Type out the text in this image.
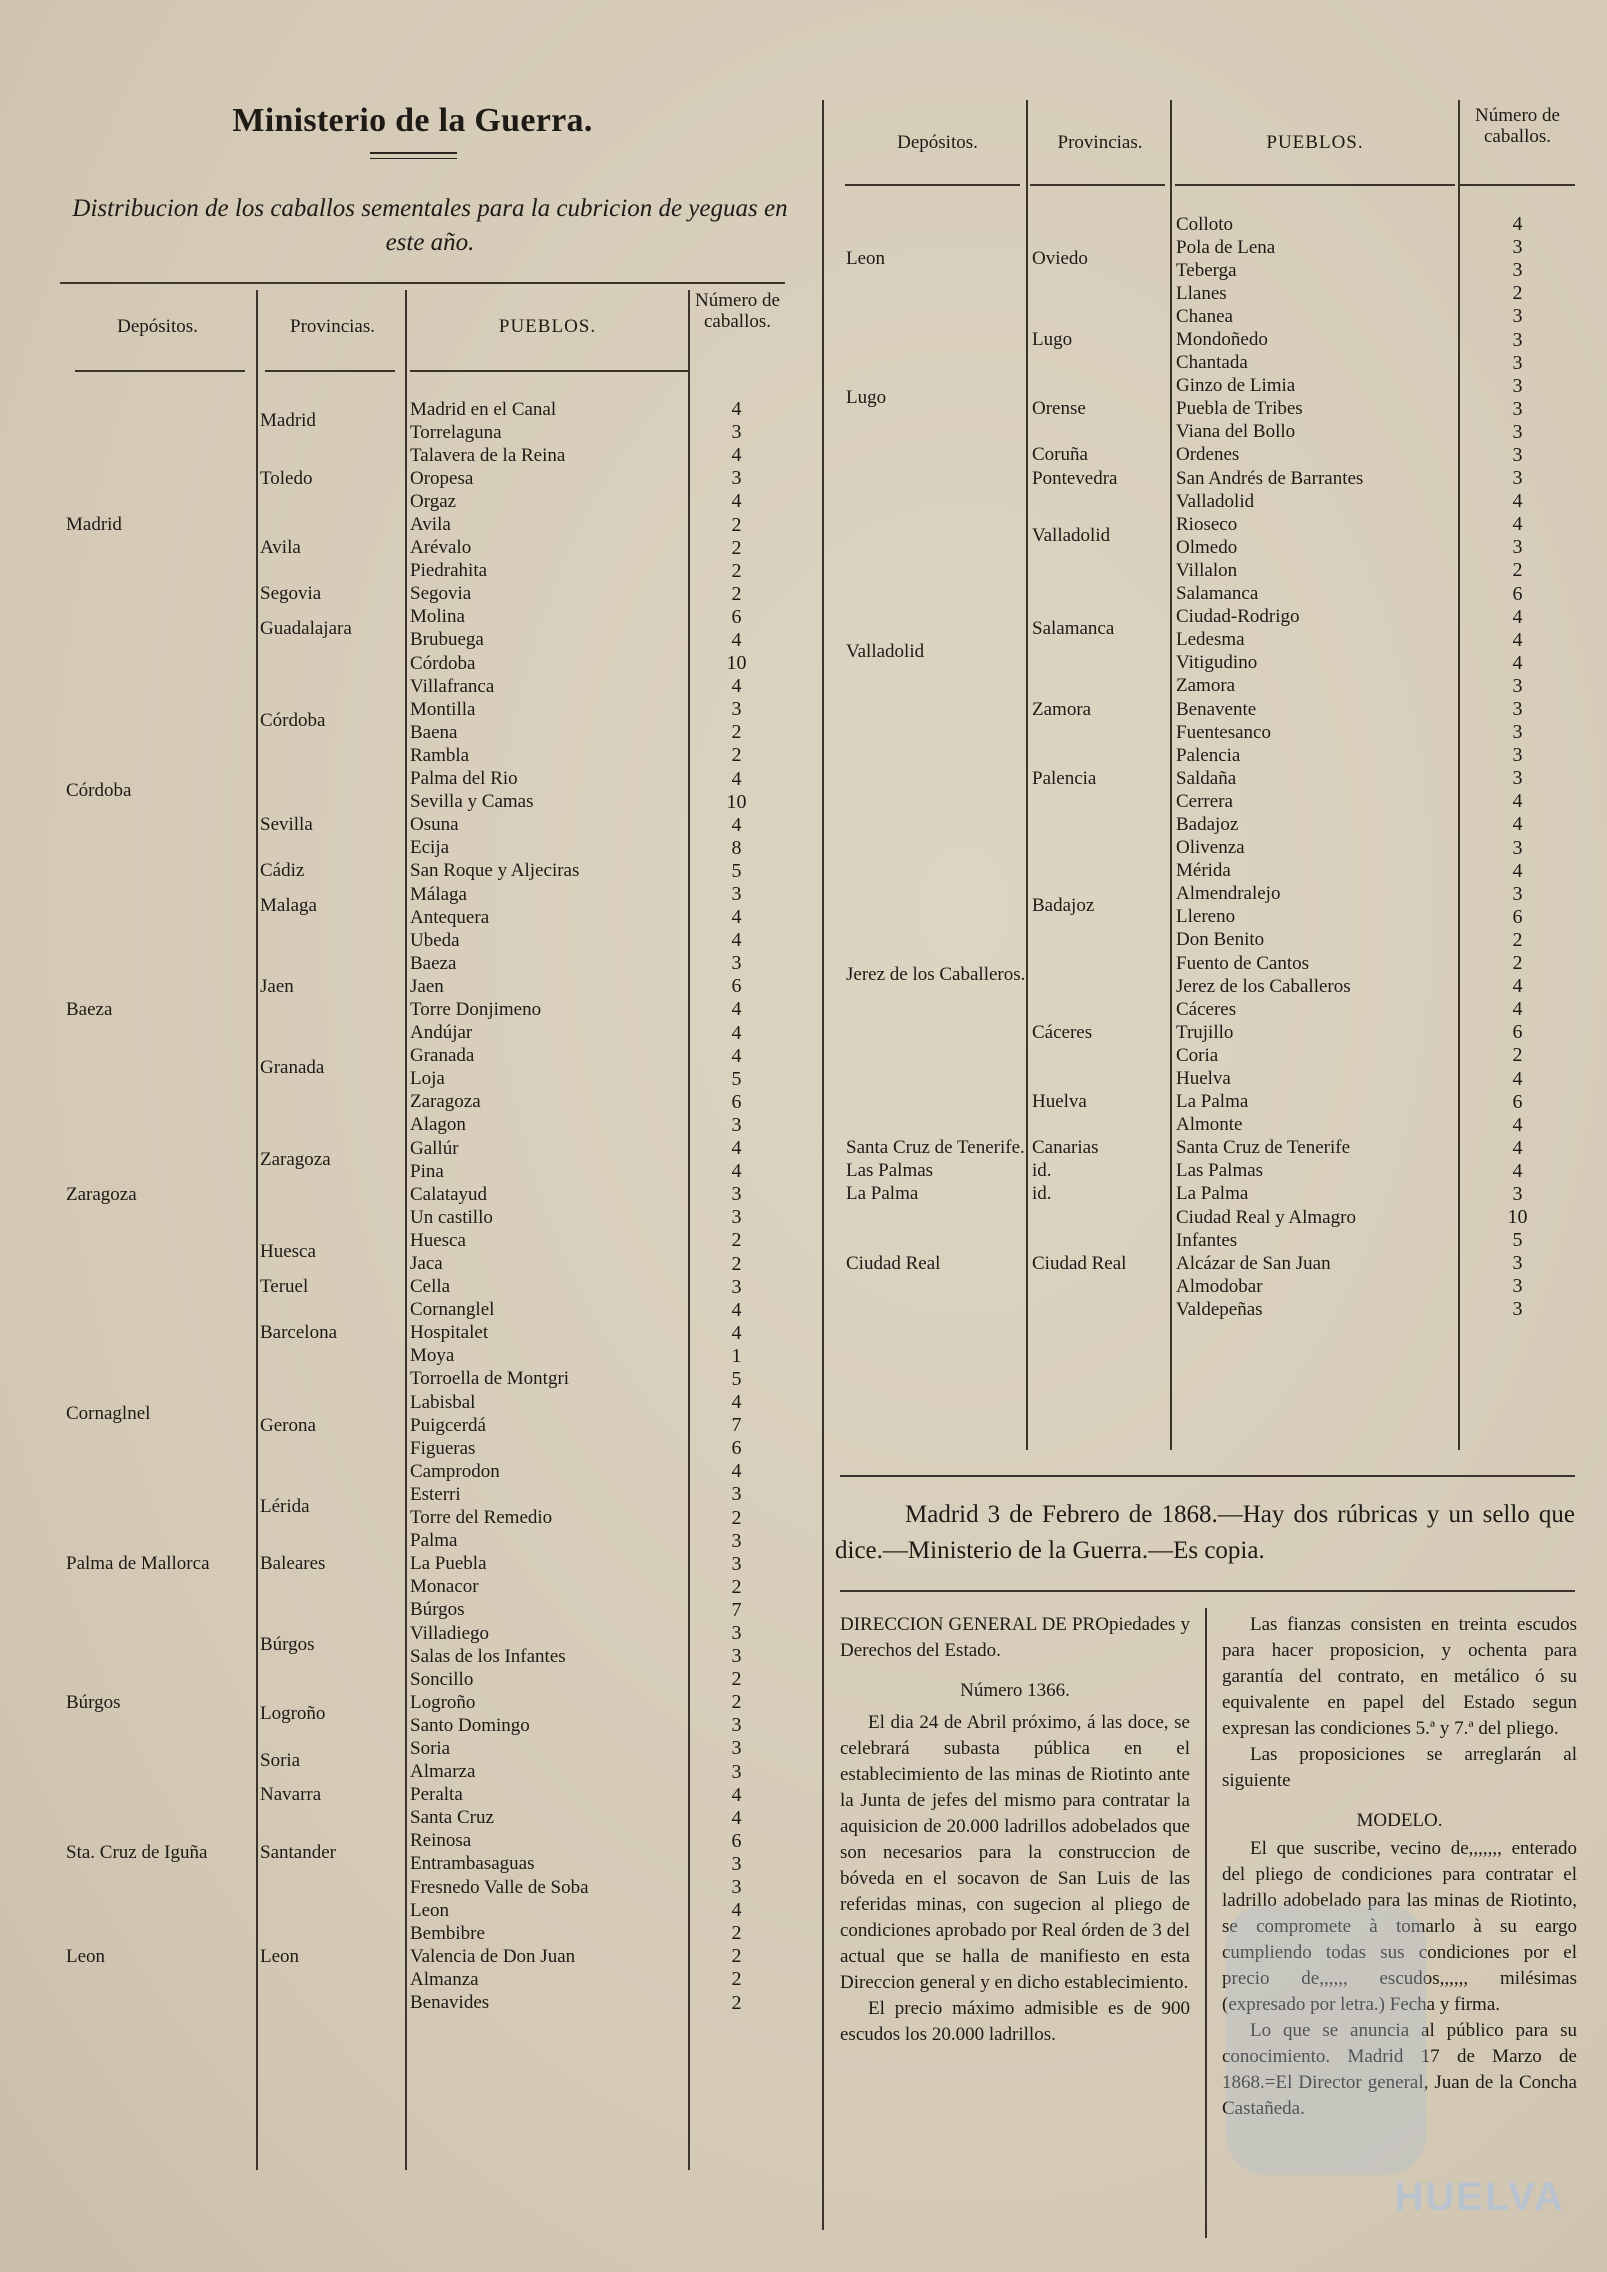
Ministerio de la Guerra.
Distribucion de los caballos sementales para la cubricion de yeguas en este año.
Depósitos.	Provincias.	PUEBLOS.
Número de caballos.
Madrid	Madrid	Madrid en el Canal	4
		Torrelaguna	3
	Toledo	Talavera de la Reina	4
		Oropesa	3
		Orgaz	4
	Avila	Avila	2
		Arévalo	2
		Piedrahita	2
	Segovia	Segovia	2
	Guadalajara	Molina	6
		Brubuega	4
Córdoba	Córdoba	Córdoba	10
		Villafranca	4
		Montilla	3
		Baena	2
		Rambla	2
		Palma del Rio	4
	Sevilla	Sevilla y Camas	10
		Osuna	4
		Ecija	8
	Cádiz	San Roque y Aljeciras	5
	Malaga	Málaga	3
		Antequera	4
Baeza	Jaen	Ubeda	4
		Baeza	3
		Jaen	6
		Torre Donjimeno	4
		Andújar	4
	Granada	Granada	4
		Loja	5
Zaragoza	Zaragoza	Zaragoza	6
		Alagon	3
		Gallúr	4
		Pina	4
		Calatayud	3
		Un castillo	3
	Huesca	Huesca	2
		Jaca	2
	Teruel	Cella	3
Cornaglnel	Barcelona	Cornanglel	4
		Hospitalet	4
		Moya	1
	Gerona	Torroella de Montgri	5
		Labisbal	4
		Puigcerdá	7
		Figueras	6
		Camprodon	4
	Lérida	Esterri	3
		Torre del Remedio	2
Palma de Mallorca	Baleares	Palma	3
		La Puebla	3
		Monacor	2
Búrgos	Búrgos	Búrgos	7
		Villadiego	3
		Salas de los Infantes	3
		Soncillo	2
	Logroño	Logroño	2
		Santo Domingo	3
	Soria	Soria	3
		Almarza	3
	Navarra	Peralta	4
Sta. Cruz de Iguña	Santander	Santa Cruz	4
		Reinosa	6
		Entrambasaguas	3
		Fresnedo Valle de Soba	3
Leon	Leon	Leon	4
		Bembibre	2
		Valencia de Don Juan	2
		Almanza	2
		Benavides	2
Depósitos.	Provincias.	PUEBLOS.
Número de caballos.
Leon	Oviedo	Colloto	4
		Pola de Lena	3
		Teberga	3
		Llanes	2
Lugo	Lugo	Chanea	3
		Mondoñedo	3
		Chantada	3
	Orense	Ginzo de Limia	3
		Puebla de Tribes	3
		Viana del Bollo	3
	Coruña	Ordenes	3
	Pontevedra	San Andrés de Barrantes	3
Valladolid	Valladolid	Valladolid	4
		Rioseco	4
		Olmedo	3
		Villalon	2
	Salamanca	Salamanca	6
		Ciudad-Rodrigo	4
		Ledesma	4
		Vitigudino	4
	Zamora	Zamora	3
		Benavente	3
		Fuentesanco	3
	Palencia	Palencia	3
		Saldaña	3
		Cerrera	4
Jerez de los Caballeros.	Badajoz	Badajoz	4
		Olivenza	3
		Mérida	4
		Almendralejo	3
		Llereno	6
		Don Benito	2
		Fuento de Cantos	2
		Jerez de los Caballeros	4
	Cáceres	Cáceres	4
		Trujillo	6
		Coria	2
	Huelva	Huelva	4
		La Palma	6
		Almonte	4
Santa Cruz de Tenerife.	Canarias	Santa Cruz de Tenerife	4
Las Palmas	id.	Las Palmas	4
La Palma	id.	La Palma	3
Ciudad Real	Ciudad Real	Ciudad Real y Almagro	10
		Infantes	5
		Alcázar de San Juan	3
		Almodobar	3
		Valdepeñas	3
Madrid 3 de Febrero de 1868.—Hay dos rúbricas y un sello que dice.—Ministerio de la Guerra.—Es copia.

DIRECCION GENERAL DE PROpiedades y Derechos del Estado.

Número 1366.

El dia 24 de Abril próximo, á las doce, se celebrará subasta pública en el establecimiento de las minas de Riotinto ante la Junta de jefes del mismo para contratar la aquisicion de 20.000 ladrillos adobelados que son necesarios para la construccion de bóveda en el socavon de San Luis de las referidas minas, con sugecion al pliego de condiciones aprobado por Real órden de 3 del actual que se halla de manifiesto en esta Direccion general y en dicho establecimiento.

El precio máximo admisible es de 900 escudos los 20.000 ladrillos.

Las fianzas consisten en treinta escudos para hacer proposicion, y ochenta para garantía del contrato, en metálico ó su equivalente en papel del Estado segun expresan las condiciones 5.ª y 7.ª del pliego.

Las proposiciones se arreglarán al siguiente

MODELO.

El que suscribe, vecino de,,,,,,, enterado del pliego de condiciones para contratar el ladrillo adobelado para las minas de Riotinto, se compromete à tomarlo à su eargo cumpliendo todas sus condiciones por el precio de,,,,,, escudos,,,,,, milésimas (expresado por letra.) Fecha y firma.

Lo que se anuncia al público para su conocimiento. Madrid 17 de Marzo de 1868.=El Director general, Juan de la Concha Castañeda.

HUELVA
